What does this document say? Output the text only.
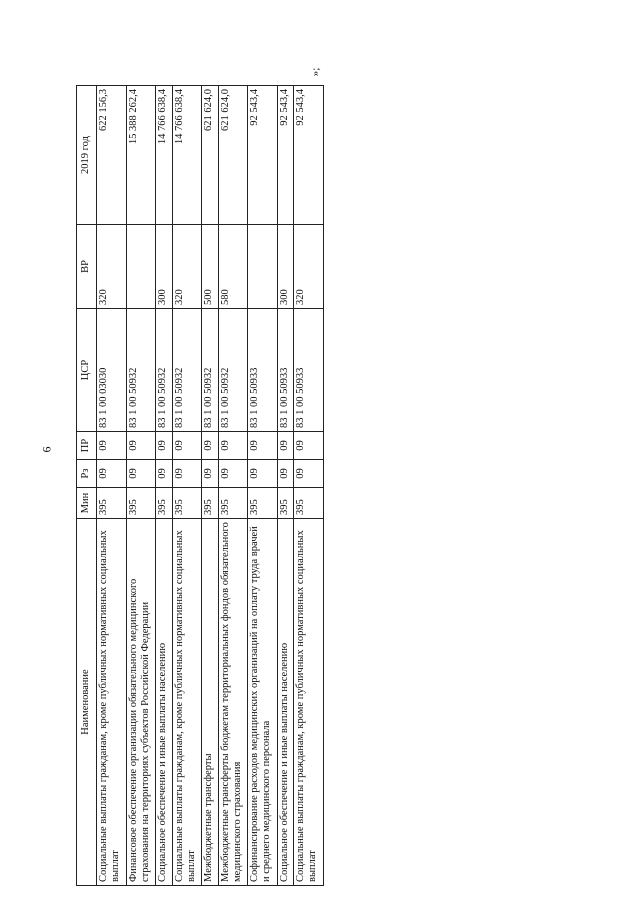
6
»;
Наименование	Мин	Рз	ПР	ЦСР	ВР	2019 год
Социальные выплаты гражданам, кроме публичных нормативных социальных выплат	395	09	09	83 1 00 03030	320	622 156,3
Финансовое обеспечение организации обязательного медицинского страхования на территориях субъектов Российской Федерации	395	09	09	83 1 00 50932		15 388 262,4
Социальное обеспечение и иные выплаты населению	395	09	09	83 1 00 50932	300	14 766 638,4
Социальные выплаты гражданам, кроме публичных нормативных социальных выплат	395	09	09	83 1 00 50932	320	14 766 638,4
Межбюджетные трансферты	395	09	09	83 1 00 50932	500	621 624,0
Межбюджетные трансферты бюджетам территориальных фондов обязательного медицинского страхования	395	09	09	83 1 00 50932	580	621 624,0
Софинансирование расходов медицинских организаций на оплату труда врачей и среднего медицинского персонала	395	09	09	83 1 00 50933		92 543,4
Социальное обеспечение и иные выплаты населению	395	09	09	83 1 00 50933	300	92 543,4
Социальные выплаты гражданам, кроме публичных нормативных социальных выплат	395	09	09	83 1 00 50933	320	92 543,4
